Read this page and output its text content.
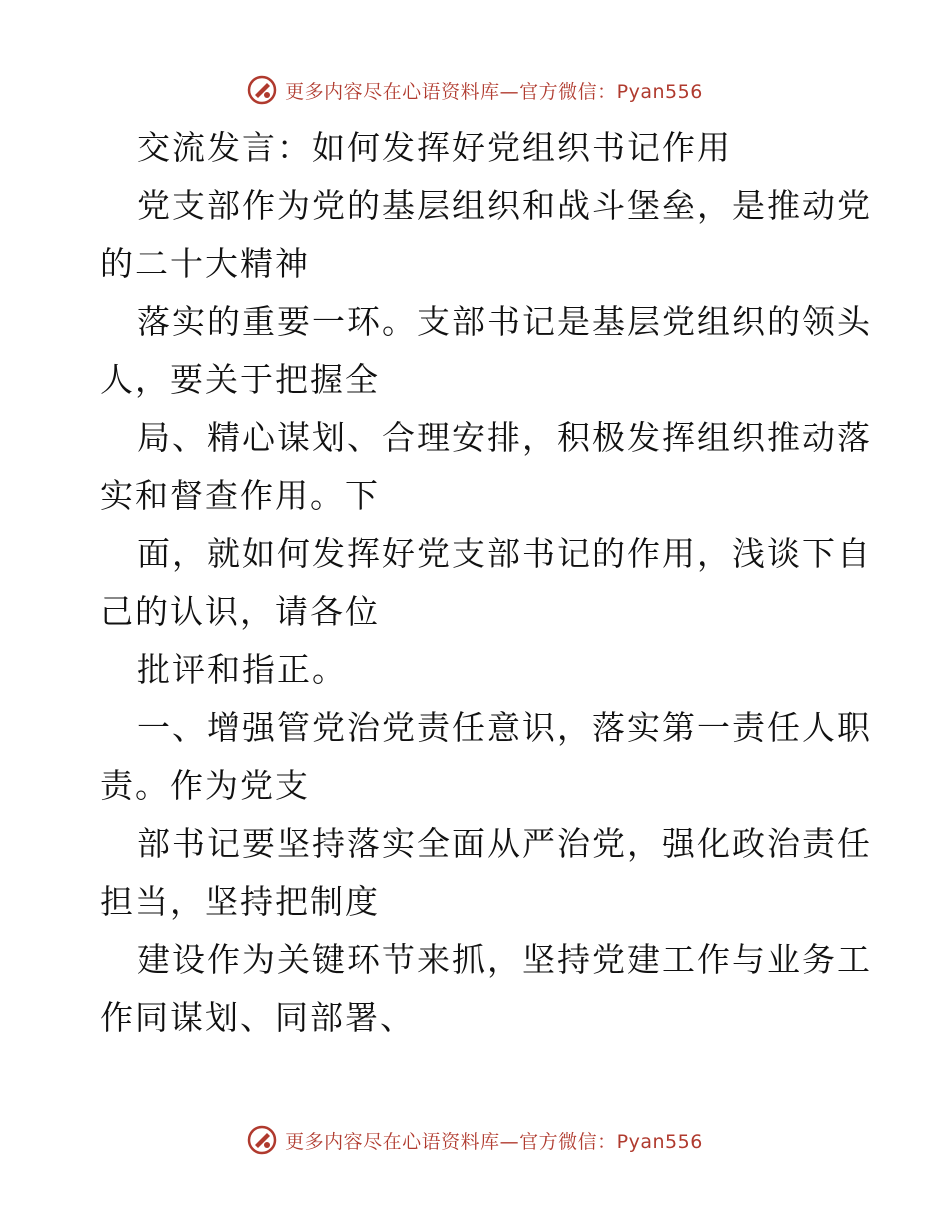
更多内容尽在心语资料库—官方微信：Pyan556
交流发言：如何发挥好党组织书记作用
党支部作为党的基层组织和战斗堡垒，是推动党
的二十大精神
落实的重要一环。支部书记是基层党组织的领头
人，要关于把握全
局、精心谋划、合理安排，积极发挥组织推动落
实和督查作用。下
面，就如何发挥好党支部书记的作用，浅谈下自
己的认识，请各位
批评和指正。
一、增强管党治党责任意识，落实第一责任人职
责。作为党支
部书记要坚持落实全面从严治党，强化政治责任
担当，坚持把制度
建设作为关键环节来抓，坚持党建工作与业务工
作同谋划、同部署、
更多内容尽在心语资料库—官方微信：Pyan556
